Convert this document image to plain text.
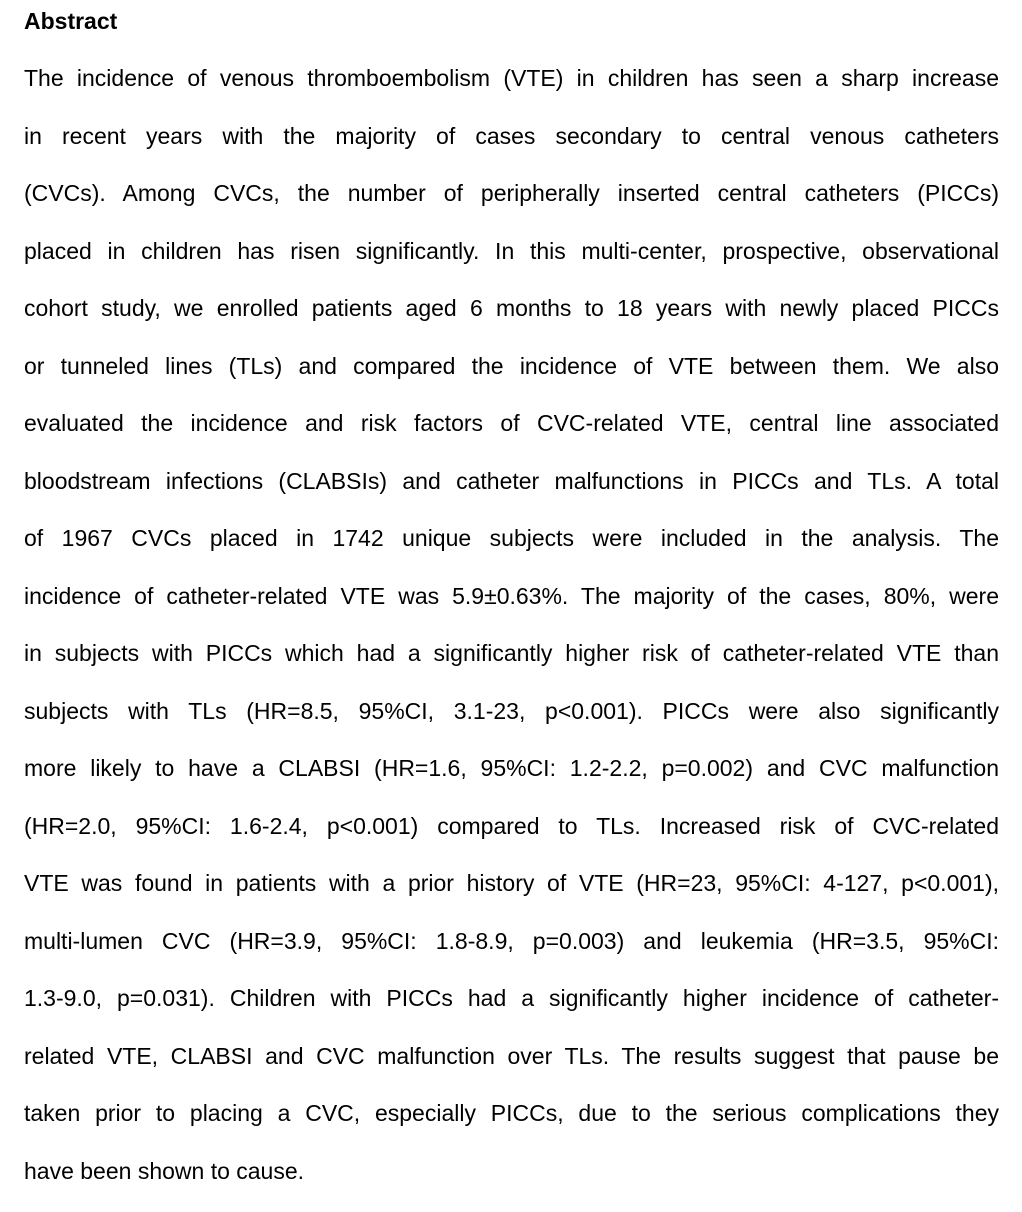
Abstract
The incidence of venous thromboembolism (VTE) in children has seen a sharp increase
in recent years with the majority of cases secondary to central venous catheters
(CVCs). Among CVCs, the number of peripherally inserted central catheters (PICCs)
placed in children has risen significantly. In this multi-center, prospective, observational
cohort study, we enrolled patients aged 6 months to 18 years with newly placed PICCs
or tunneled lines (TLs) and compared the incidence of VTE between them. We also
evaluated the incidence and risk factors of CVC-related VTE, central line associated
bloodstream infections (CLABSIs) and catheter malfunctions in PICCs and TLs. A total
of 1967 CVCs placed in 1742 unique subjects were included in the analysis. The
incidence of catheter-related VTE was 5.9±0.63%. The majority of the cases, 80%, were
in subjects with PICCs which had a significantly higher risk of catheter-related VTE than
subjects with TLs (HR=8.5, 95%CI, 3.1-23, p<0.001). PICCs were also significantly
more likely to have a CLABSI (HR=1.6, 95%CI: 1.2-2.2, p=0.002) and CVC malfunction
(HR=2.0, 95%CI: 1.6-2.4, p<0.001) compared to TLs. Increased risk of CVC-related
VTE was found in patients with a prior history of VTE (HR=23, 95%CI: 4-127, p<0.001),
multi-lumen CVC (HR=3.9, 95%CI: 1.8-8.9, p=0.003) and leukemia (HR=3.5, 95%CI:
1.3-9.0, p=0.031). Children with PICCs had a significantly higher incidence of catheter-
related VTE, CLABSI and CVC malfunction over TLs. The results suggest that pause be
taken prior to placing a CVC, especially PICCs, due to the serious complications they
have been shown to cause.
